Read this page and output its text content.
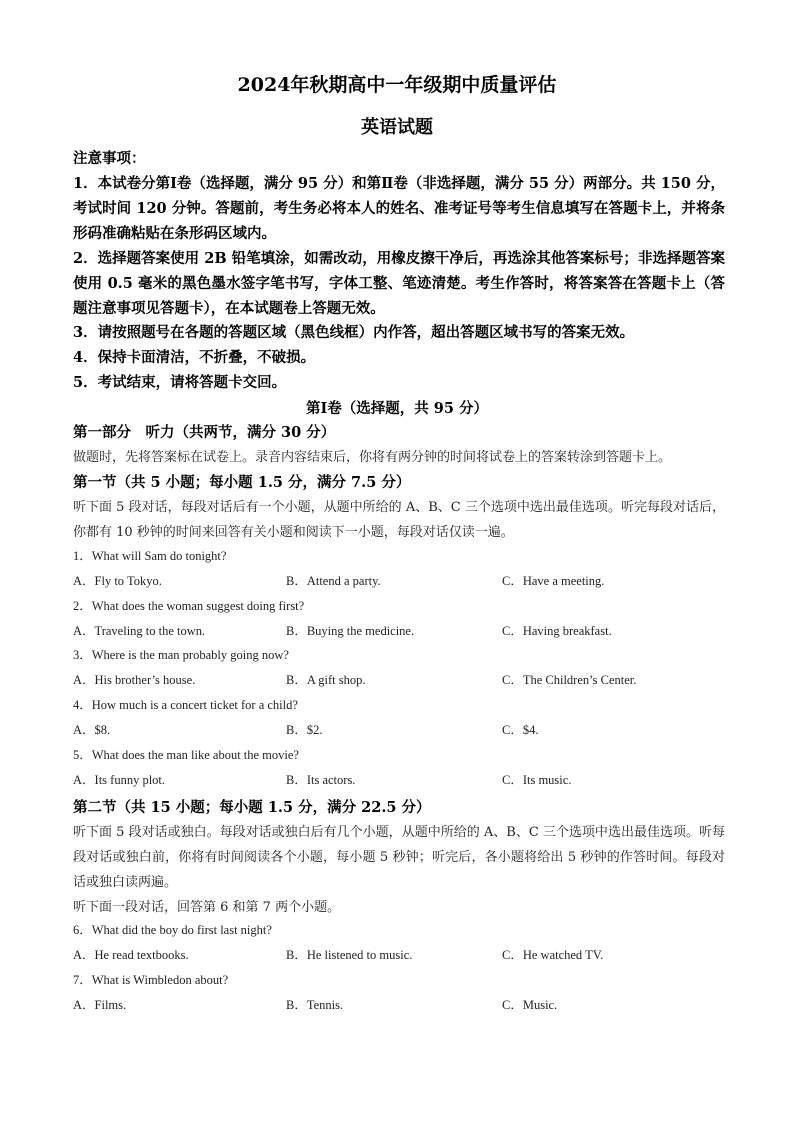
2024年秋期高中一年级期中质量评估
英语试题
注意事项：
1．本试卷分第Ⅰ卷（选择题，满分 95 分）和第Ⅱ卷（非选择题，满分 55 分）两部分。共 150 分，考试时间 120 分钟。答题前，考生务必将本人的姓名、准考证号等考生信息填写在答题卡上，并将条形码准确粘贴在条形码区域内。
2．选择题答案使用 2B 铅笔填涂，如需改动，用橡皮擦干净后，再选涂其他答案标号；非选择题答案使用 0.5 毫米的黑色墨水签字笔书写，字体工整、笔迹清楚。考生作答时，将答案答在答题卡上（答题注意事项见答题卡），在本试题卷上答题无效。
3．请按照题号在各题的答题区域（黑色线框）内作答，超出答题区域书写的答案无效。
4．保持卡面清洁，不折叠，不破损。
5．考试结束，请将答题卡交回。
第Ⅰ卷（选择题，共 95 分）
第一部分　听力（共两节，满分 30 分）
做题时，先将答案标在试卷上。录音内容结束后，你将有两分钟的时间将试卷上的答案转涂到答题卡上。
第一节（共 5 小题；每小题 1.5 分，满分 7.5 分）
听下面 5 段对话，每段对话后有一个小题，从题中所给的 A、B、C 三个选项中选出最佳选项。听完每段对话后，你都有 10 秒钟的时间来回答有关小题和阅读下一小题，每段对话仅读一遍。
1．What will Sam do tonight?
A．Fly to Tokyo.	B．Attend a party.	C．Have a meeting.
2．What does the woman suggest doing first?
A．Traveling to the town.	B．Buying the medicine.	C．Having breakfast.
3．Where is the man probably going now?
A．His brother’s house.	B．A gift shop.	C．The Children’s Center.
4．How much is a concert ticket for a child?
A．$8.	B．$2.	C．$4.
5．What does the man like about the movie?
A．Its funny plot.	B．Its actors.	C．Its music.
第二节（共 15 小题；每小题 1.5 分，满分 22.5 分）
听下面 5 段对话或独白。每段对话或独白后有几个小题，从题中所给的 A、B、C 三个选项中选出最佳选项。听每段对话或独白前，你将有时间阅读各个小题，每小题 5 秒钟；听完后，各小题将给出 5 秒钟的作答时间。每段对话或独白读两遍。
听下面一段对话，回答第 6 和第 7 两个小题。
6．What did the boy do first last night?
A．He read textbooks.	B．He listened to music.	C．He watched TV.
7．What is Wimbledon about?
A．Films.	B．Tennis.	C．Music.
